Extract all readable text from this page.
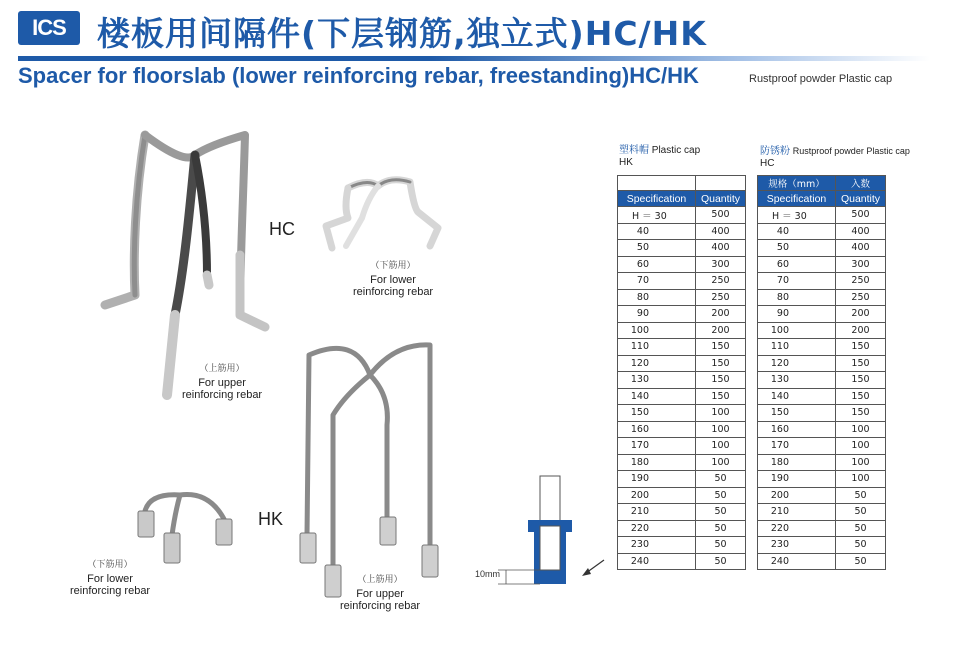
ICS 楼板用间隔件(下层钢筋,独立式)HC/HK
Spacer for floorslab (lower reinforcing rebar, freestanding)HC/HK	Rustproof powder Plastic cap
HC
（上筋用）
For upper
reinforcing rebar
（下筋用）
For lower
reinforcing rebar
（下筋用）
For lower
reinforcing rebar
HK
（上筋用）
For upper
reinforcing rebar
10mm
塑料帽 Plastic cap
HK

Specification	Quantity
H ＝ 30	500
40	400
50	400
60	300
70	250
80	250
90	200
100	200
110	150
120	150
130	150
140	150
150	100
160	100
170	100
180	100
190	50
200	50
210	50
220	50
230	50
240	50
防锈粉 Rustproof powder Plastic cap
HC
规格（mm）	入数
Specification	Quantity
H ＝ 30	500
40	400
50	400
60	300
70	250
80	250
90	200
100	200
110	150
120	150
130	150
140	150
150	150
160	100
170	100
180	100
190	100
200	50
210	50
220	50
230	50
240	50
